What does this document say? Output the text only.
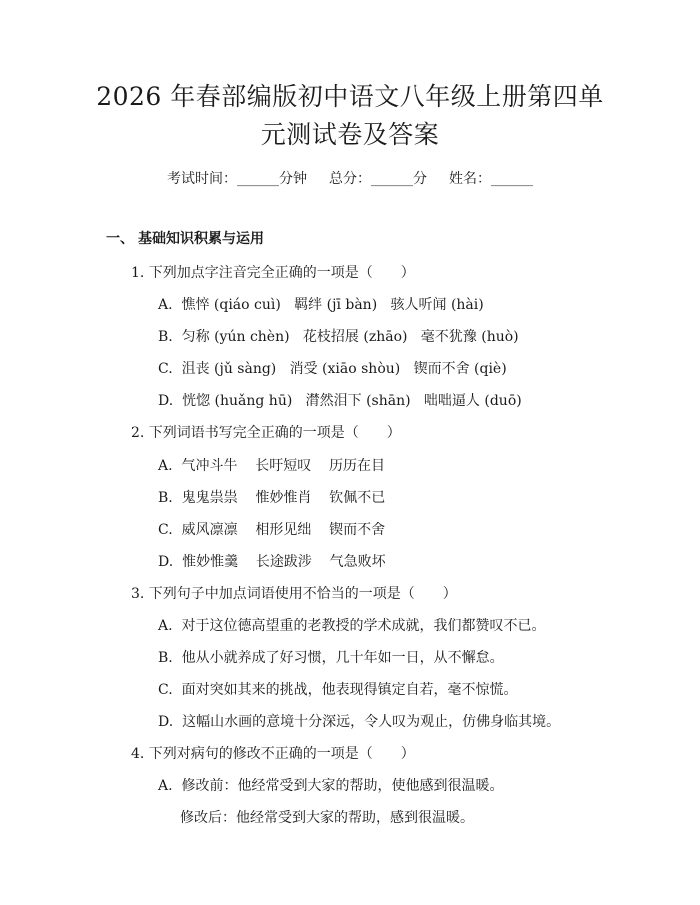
2026 年春部编版初中语文八年级上册第四单
元测试卷及答案
考试时间：______分钟 总分：______分 姓名：______
一、 基础知识积累与运用
1. 下列加点字注音完全正确的一项是（　　）
A.  憔悴 (qiáo cuì)   羁绊 (jī bàn)   骇人听闻 (hài)
B.  匀称 (yún chèn)   花枝招展 (zhāo)   毫不犹豫 (huò)
C.  沮丧 (jǔ sàng)   消受 (xiāo shòu)   锲而不舍 (qiè)
D.  恍惚 (huǎng hū)   潸然泪下 (shān)   咄咄逼人 (duō)
2. 下列词语书写完全正确的一项是（　　）
A.  气冲斗牛    长吁短叹    历历在目
B.  鬼鬼祟祟    惟妙惟肖    钦佩不已
C.  威风凛凛    相形见绌    锲而不舍
D.  惟妙惟羹    长途跋涉    气急败坏
3. 下列句子中加点词语使用不恰当的一项是（　　）
A.  对于这位德高望重的老教授的学术成就，我们都赞叹不已。
B.  他从小就养成了好习惯，几十年如一日，从不懈怠。
C.  面对突如其来的挑战，他表现得镇定自若，毫不惊慌。
D.  这幅山水画的意境十分深远，令人叹为观止，仿佛身临其境。
4. 下列对病句的修改不正确的一项是（　　）
A.  修改前：他经常受到大家的帮助，使他感到很温暖。
修改后：他经常受到大家的帮助，感到很温暖。
